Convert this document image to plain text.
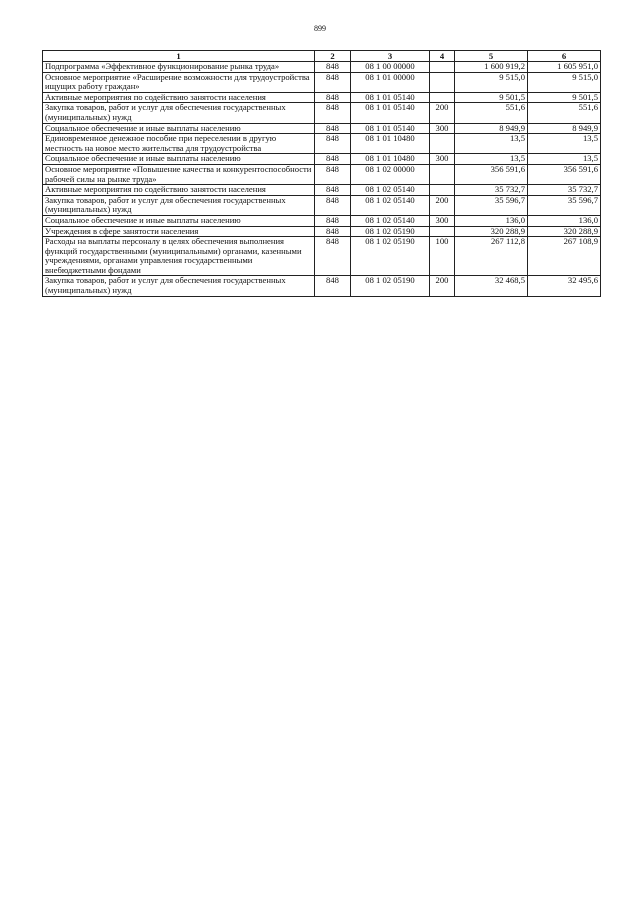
899
1	2	3	4	5	6
Подпрограмма «Эффективное функционирование рынка труда»	848	08 1 00 00000		1 600 919,2	1 605 951,0
Основное мероприятие «Расширение возможности для трудоустройства ищущих работу граждан»	848	08 1 01 00000		9 515,0	9 515,0
Активные мероприятия по содействию занятости населения	848	08 1 01 05140		9 501,5	9 501,5
Закупка товаров, работ и услуг для обеспечения государственных (муниципальных) нужд	848	08 1 01 05140	200	551,6	551,6
Социальное обеспечение и иные выплаты населению	848	08 1 01 05140	300	8 949,9	8 949,9
Единовременное денежное пособие при переселении в другую местность на новое место жительства для трудоустройства	848	08 1 01 10480		13,5	13,5
Социальное обеспечение и иные выплаты населению	848	08 1 01 10480	300	13,5	13,5
Основное мероприятие «Повышение качества и конкурентоспособности рабочей силы на рынке труда»	848	08 1 02 00000		356 591,6	356 591,6
Активные мероприятия по содействию занятости населения	848	08 1 02 05140		35 732,7	35 732,7
Закупка товаров, работ и услуг для обеспечения государственных (муниципальных) нужд	848	08 1 02 05140	200	35 596,7	35 596,7
Социальное обеспечение и иные выплаты населению	848	08 1 02 05140	300	136,0	136,0
Учреждения в сфере занятости населения	848	08 1 02 05190		320 288,9	320 288,9
Расходы на выплаты персоналу в целях обеспечения выполнения функций государственными (муниципальными) органами, казенными учреждениями, органами управления государственными внебюджетными фондами	848	08 1 02 05190	100	267 112,8	267 108,9
Закупка товаров, работ и услуг для обеспечения государственных (муниципальных) нужд	848	08 1 02 05190	200	32 468,5	32 495,6
